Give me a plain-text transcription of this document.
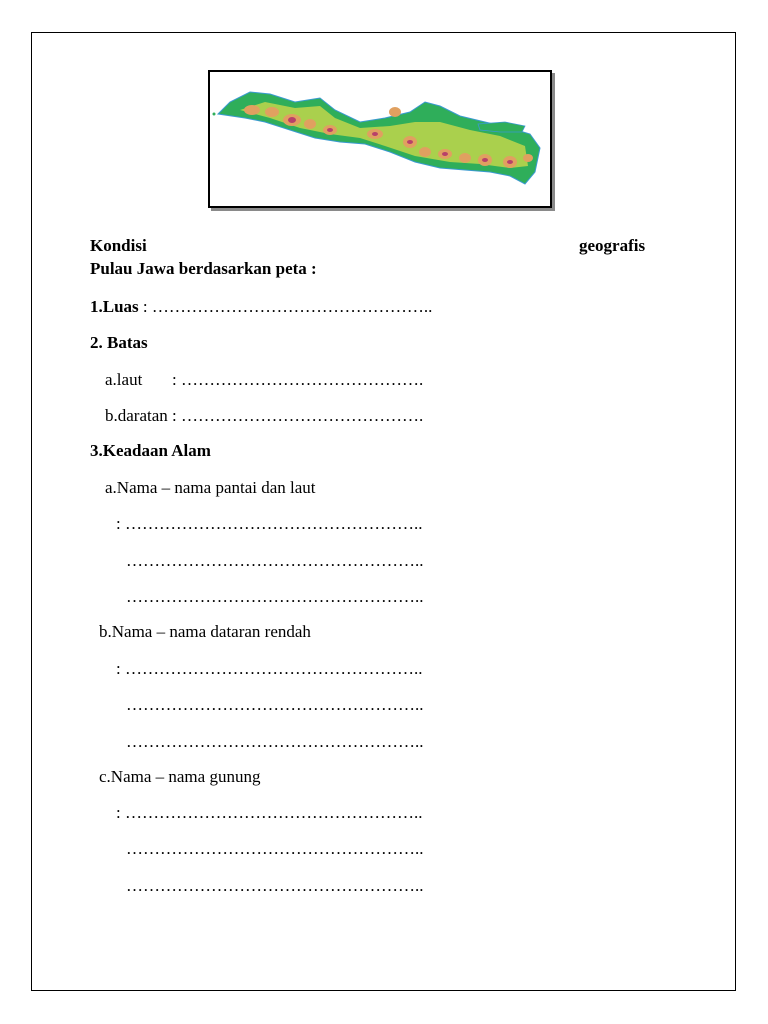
Kondisi	geografis
Pulau Jawa berdasarkan peta :
1.Luas : …………………………………………..
2. Batas
a.laut       : …………………………………….
b.daratan : …………………………………….
3.Keadaan Alam
a.Nama – nama pantai dan laut
: ……………………………………………..
……………………………………………..
……………………………………………..
b.Nama – nama dataran rendah
: ……………………………………………..
……………………………………………..
……………………………………………..
c.Nama – nama gunung
: ……………………………………………..
……………………………………………..
……………………………………………..
